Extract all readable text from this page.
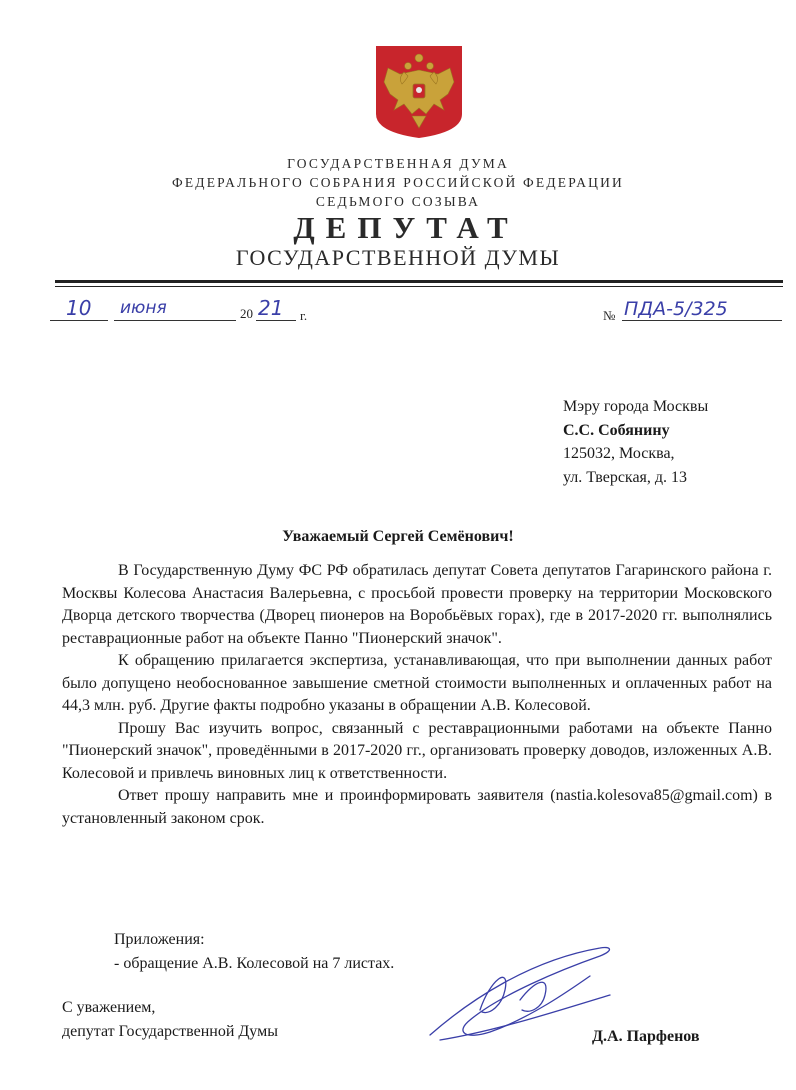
ГОСУДАРСТВЕННАЯ ДУМА
ФЕДЕРАЛЬНОГО СОБРАНИЯ РОССИЙСКОЙ ФЕДЕРАЦИИ
СЕДЬМОГО СОЗЫВА
ДЕПУТАТ
ГОСУДАРСТВЕННОЙ ДУМЫ
10 июня	20 21 г.	№ ПДА-5/325
Мэру города Москвы
С.С. Собянину
125032, Москва,
ул. Тверская, д. 13
Уважаемый Сергей Семёнович!

В Государственную Думу ФС РФ обратилась депутат Совета депутатов Гагаринского района г. Москвы Колесова Анастасия Валерьевна, с просьбой провести проверку на территории Московского Дворца детского творчества (Дворец пионеров на Воробьёвых горах), где в 2017-2020 гг. выполнялись реставрационные работ на объекте Панно "Пионерский значок".

К обращению прилагается экспертиза, устанавливающая, что при выполнении данных работ было допущено необоснованное завышение сметной стоимости выполненных и оплаченных работ на 44,3 млн. руб. Другие факты подробно указаны в обращении А.В. Колесовой.

Прошу Вас изучить вопрос, связанный с реставрационными работами на объекте Панно "Пионерский значок", проведёнными в 2017-2020 гг., организовать проверку доводов, изложенных А.В. Колесовой и привлечь виновных лиц к ответственности.

Ответ прошу направить мне и проинформировать заявителя (nastia.kolesova85@gmail.com) в установленный законом срок.

Приложения:
- обращение А.В. Колесовой на 7 листах.
С уважением,
депутат Государственной Думы	Д.А. Парфенов
